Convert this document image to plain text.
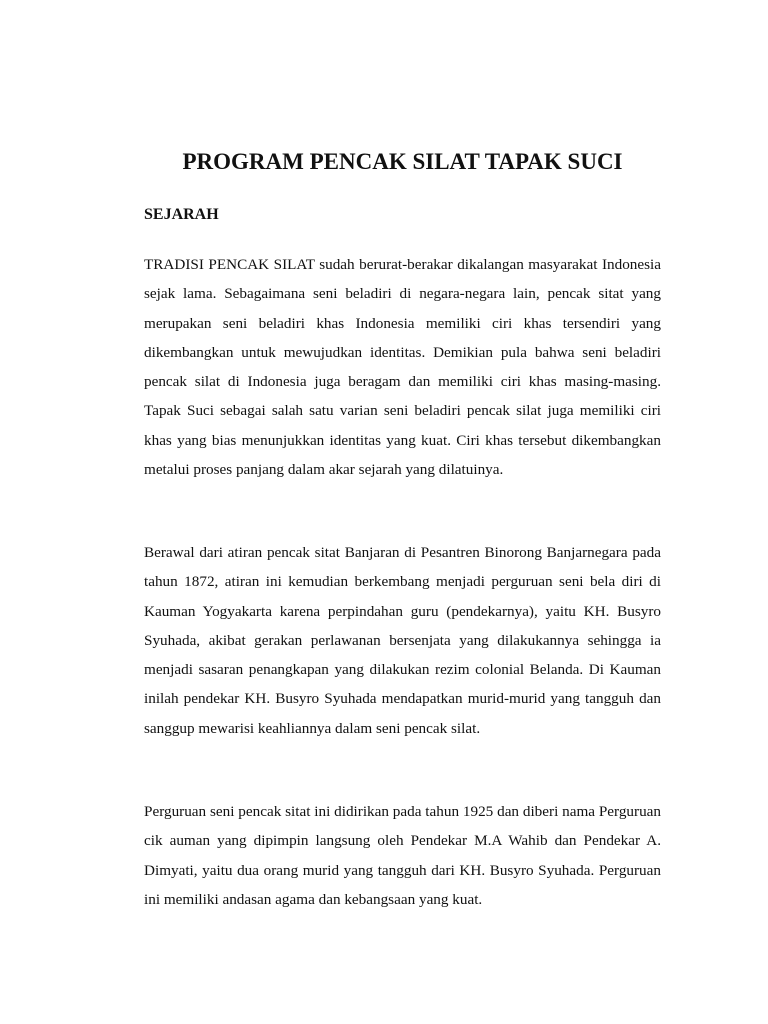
PROGRAM PENCAK SILAT TAPAK SUCI
SEJARAH

TRADISI PENCAK SILAT sudah berurat-berakar dikalangan masyarakat Indonesia sejak lama. Sebagaimana seni beladiri di negara-negara lain, pencak sitat yang merupakan seni beladiri khas Indonesia memiliki ciri khas tersendiri yang dikembangkan untuk mewujudkan identitas. Demikian pula bahwa seni beladiri pencak silat di Indonesia juga beragam dan memiliki ciri khas masing-masing. Tapak Suci sebagai salah satu varian seni beladiri pencak silat juga memiliki ciri khas yang bias menunjukkan identitas yang kuat. Ciri khas tersebut dikembangkan metalui proses panjang dalam akar sejarah yang dilatuinya.

Berawal dari atiran pencak sitat Banjaran di Pesantren Binorong Banjarnegara pada tahun 1872, atiran ini kemudian berkembang menjadi perguruan seni bela diri di Kauman Yogyakarta karena perpindahan guru (pendekarnya), yaitu KH. Busyro Syuhada, akibat gerakan perlawanan bersenjata yang dilakukannya sehingga ia menjadi sasaran penangkapan yang dilakukan rezim colonial Belanda. Di Kauman inilah pendekar KH. Busyro Syuhada mendapatkan murid-murid yang tangguh dan sanggup mewarisi keahliannya dalam seni pencak silat.

Perguruan seni pencak sitat ini didirikan pada tahun 1925 dan diberi nama Perguruan cik auman yang dipimpin langsung oleh Pendekar M.A Wahib dan Pendekar A. Dimyati, yaitu dua orang murid yang tangguh dari KH. Busyro Syuhada. Perguruan ini memiliki andasan agama dan kebangsaan yang kuat.
